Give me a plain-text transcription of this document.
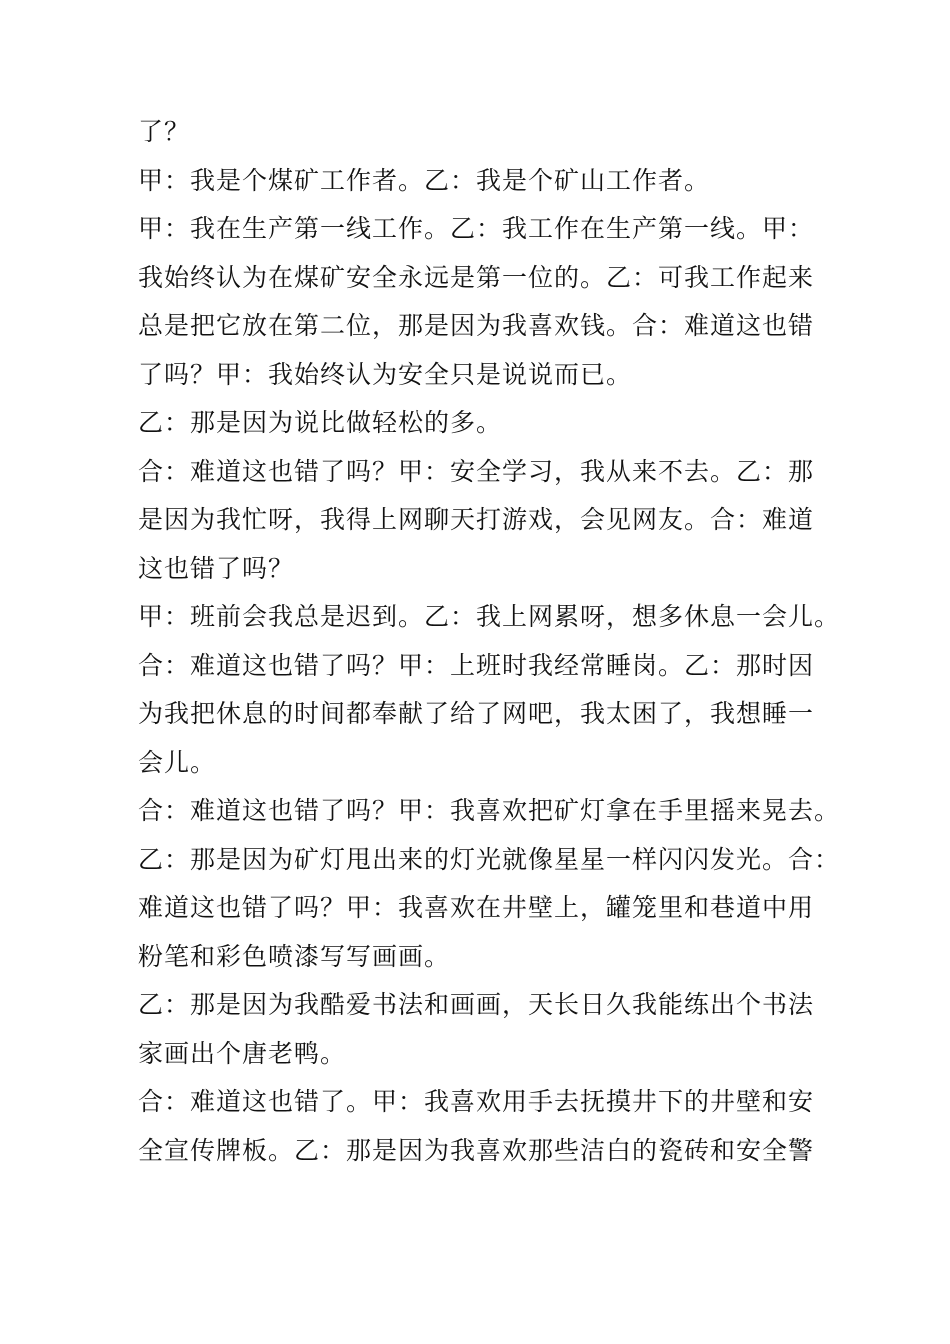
了？
甲：我是个煤矿工作者。乙：我是个矿山工作者。
甲：我在生产第一线工作。乙：我工作在生产第一线。甲：
我始终认为在煤矿安全永远是第一位的。乙：可我工作起来
总是把它放在第二位，那是因为我喜欢钱。合：难道这也错
了吗？甲：我始终认为安全只是说说而已。
乙：那是因为说比做轻松的多。
合：难道这也错了吗？甲：安全学习，我从来不去。乙：那
是因为我忙呀，我得上网聊天打游戏，会见网友。合：难道
这也错了吗？
甲：班前会我总是迟到。乙：我上网累呀，想多休息一会儿。
合：难道这也错了吗？甲：上班时我经常睡岗。乙：那时因
为我把休息的时间都奉献了给了网吧，我太困了，我想睡一
会儿。
合：难道这也错了吗？甲：我喜欢把矿灯拿在手里摇来晃去。
乙：那是因为矿灯甩出来的灯光就像星星一样闪闪发光。合：
难道这也错了吗？甲：我喜欢在井壁上，罐笼里和巷道中用
粉笔和彩色喷漆写写画画。
乙：那是因为我酷爱书法和画画，天长日久我能练出个书法
家画出个唐老鸭。
合：难道这也错了。甲：我喜欢用手去抚摸井下的井壁和安
全宣传牌板。乙：那是因为我喜欢那些洁白的瓷砖和安全警
